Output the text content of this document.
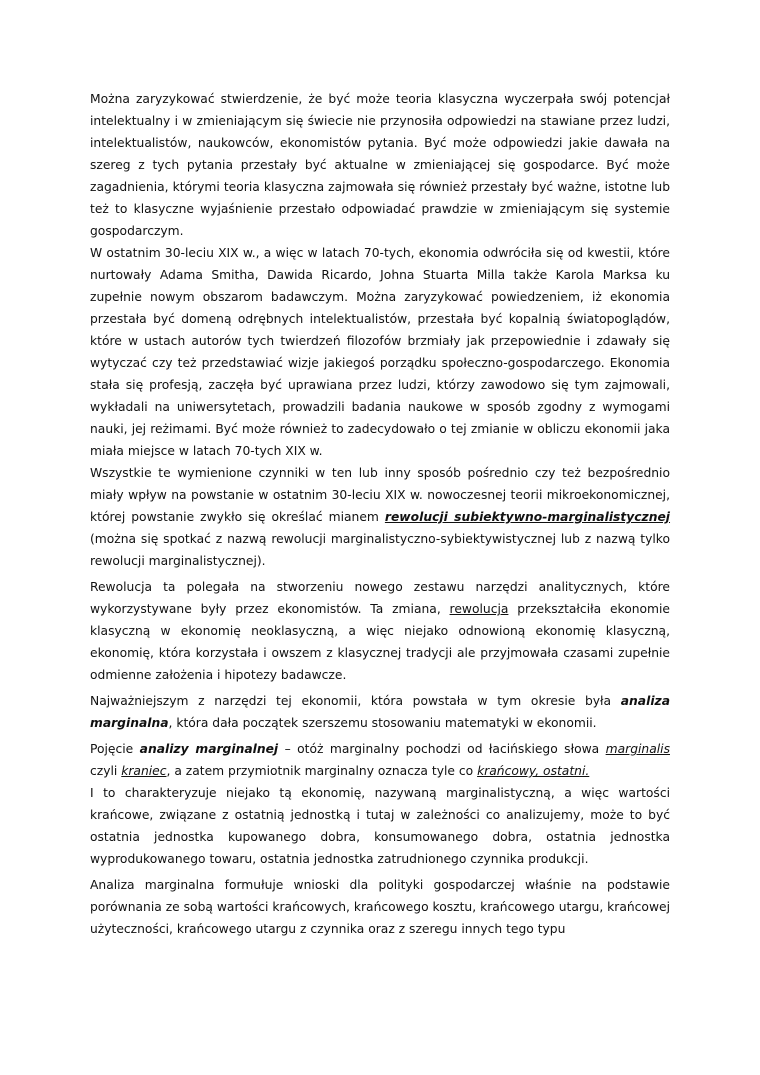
Można zaryzykować stwierdzenie, że być może teoria klasyczna wyczerpała swój potencjał intelektualny i w zmieniającym się świecie nie przynosiła odpowiedzi na stawiane przez ludzi, intelektualistów, naukowców, ekonomistów pytania. Być może odpowiedzi jakie dawała na szereg z tych pytania przestały być aktualne w zmieniającej się gospodarce. Być może zagadnienia, którymi teoria klasyczna zajmowała się również przestały być ważne, istotne lub też to klasyczne wyjaśnienie przestało odpowiadać prawdzie w zmieniającym się systemie gospodarczym.

W ostatnim 30-leciu XIX w., a więc w latach 70-tych, ekonomia odwróciła się od kwestii, które nurtowały Adama Smitha, Dawida Ricardo, Johna Stuarta Milla także Karola Marksa ku zupełnie nowym obszarom badawczym. Można zaryzykować powiedzeniem, iż ekonomia przestała być domeną odrębnych intelektualistów, przestała być kopalnią światopoglądów, które w ustach autorów tych twierdzeń filozofów brzmiały jak przepowiednie i zdawały się wytyczać czy też przedstawiać wizje jakiegoś porządku społeczno-gospodarczego. Ekonomia stała się profesją, zaczęła być uprawiana przez ludzi, którzy zawodowo się tym zajmowali, wykładali na uniwersytetach, prowadzili badania naukowe w sposób zgodny z wymogami nauki, jej reżimami. Być może również to zadecydowało o tej zmianie w obliczu ekonomii jaka miała miejsce w latach 70-tych XIX w.

Wszystkie te wymienione czynniki w ten lub inny sposób pośrednio czy też bezpośrednio miały wpływ na powstanie w ostatnim 30-leciu XIX w. nowoczesnej teorii mikroekonomicznej, której powstanie zwykło się określać mianem rewolucji subiektywno-marginalistycznej (można się spotkać z nazwą rewolucji marginalistyczno-sybiektywistycznej lub z nazwą tylko rewolucji marginalistycznej).

Rewolucja ta polegała na stworzeniu nowego zestawu narzędzi analitycznych, które wykorzystywane były przez ekonomistów. Ta zmiana, rewolucja przekształciła ekonomie klasyczną w ekonomię neoklasyczną, a więc niejako odnowioną ekonomię klasyczną, ekonomię, która korzystała i owszem z klasycznej tradycji ale przyjmowała czasami zupełnie odmienne założenia i hipotezy badawcze.

Najważniejszym z narzędzi tej ekonomii, która powstała w tym okresie była analiza marginalna, która dała początek szerszemu stosowaniu matematyki w ekonomii.

Pojęcie analizy marginalnej – otóż marginalny pochodzi od łacińskiego słowa marginalis czyli kraniec, a zatem przymiotnik marginalny oznacza tyle co krańcowy, ostatni.

I to charakteryzuje niejako tą ekonomię, nazywaną marginalistyczną, a więc wartości krańcowe, związane z ostatnią jednostką i tutaj w zależności co analizujemy, może to być ostatnia jednostka kupowanego dobra, konsumowanego dobra, ostatnia jednostka wyprodukowanego towaru, ostatnia jednostka zatrudnionego czynnika produkcji.

Analiza marginalna formułuje wnioski dla polityki gospodarczej właśnie na podstawie porównania ze sobą wartości krańcowych, krańcowego kosztu, krańcowego utargu, krańcowej użyteczności, krańcowego utargu z czynnika oraz z szeregu innych tego typu
